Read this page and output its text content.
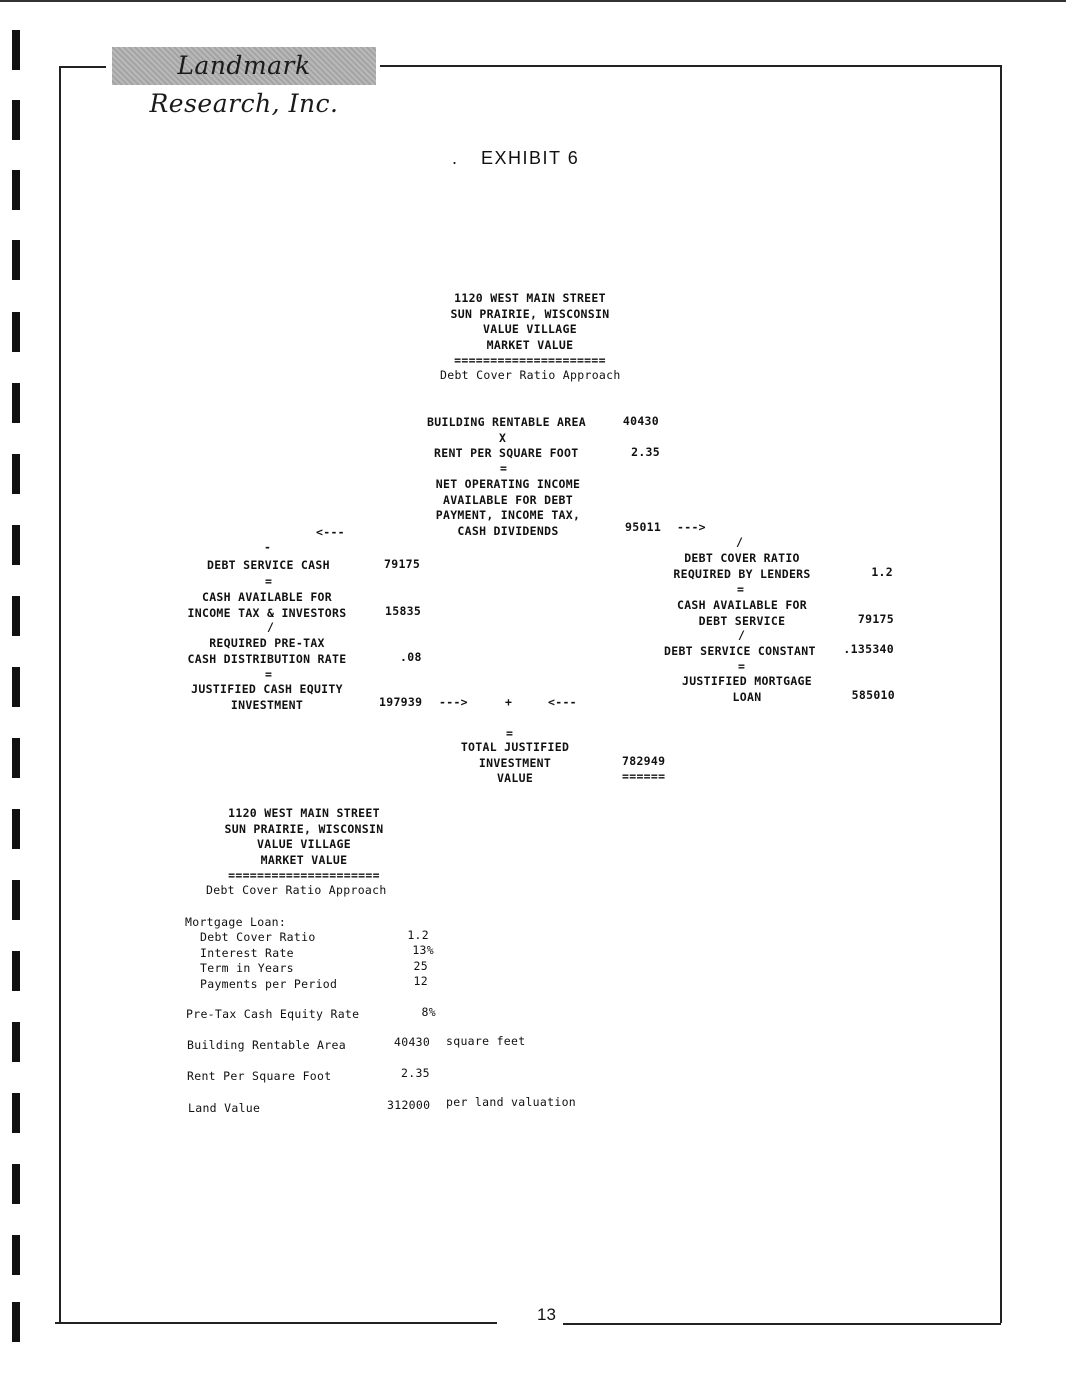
Landmark Research, Inc.
. EXHIBIT 6
1120 WEST MAIN STREET
SUN PRAIRIE, WISCONSIN
VALUE VILLAGE
MARKET VALUE
=====================
Debt Cover Ratio Approach
BUILDING RENTABLE AREA	40430
X
RENT PER SQUARE FOOT	2.35
=
NET OPERATING INCOME
AVAILABLE FOR DEBT
PAYMENT, INCOME TAX,
CASH DIVIDENDS	95011 --->
<---
-
DEBT SERVICE CASH	79175
=
CASH AVAILABLE FOR
INCOME TAX & INVESTORS	15835
/
REQUIRED PRE-TAX
CASH DISTRIBUTION RATE	.08
=
JUSTIFIED CASH EQUITY
INVESTMENT	197939 --->	+	<---
/
DEBT COVER RATIO
REQUIRED BY LENDERS	1.2
=
CASH AVAILABLE FOR
DEBT SERVICE	79175
/
DEBT SERVICE CONSTANT	.135340
=
JUSTIFIED MORTGAGE
LOAN	585010
=
TOTAL JUSTIFIED
INVESTMENT
VALUE
782949
======
1120 WEST MAIN STREET
SUN PRAIRIE, WISCONSIN
VALUE VILLAGE
MARKET VALUE
=====================
Debt Cover Ratio Approach
Mortgage Loan:
Debt Cover Ratio	1.2
Interest Rate	13%
Term in Years	25
Payments per Period	12
Pre-Tax Cash Equity Rate	8%
Building Rentable Area	40430 square feet
Rent Per Square Foot	2.35
Land Value	312000 per land valuation
13
